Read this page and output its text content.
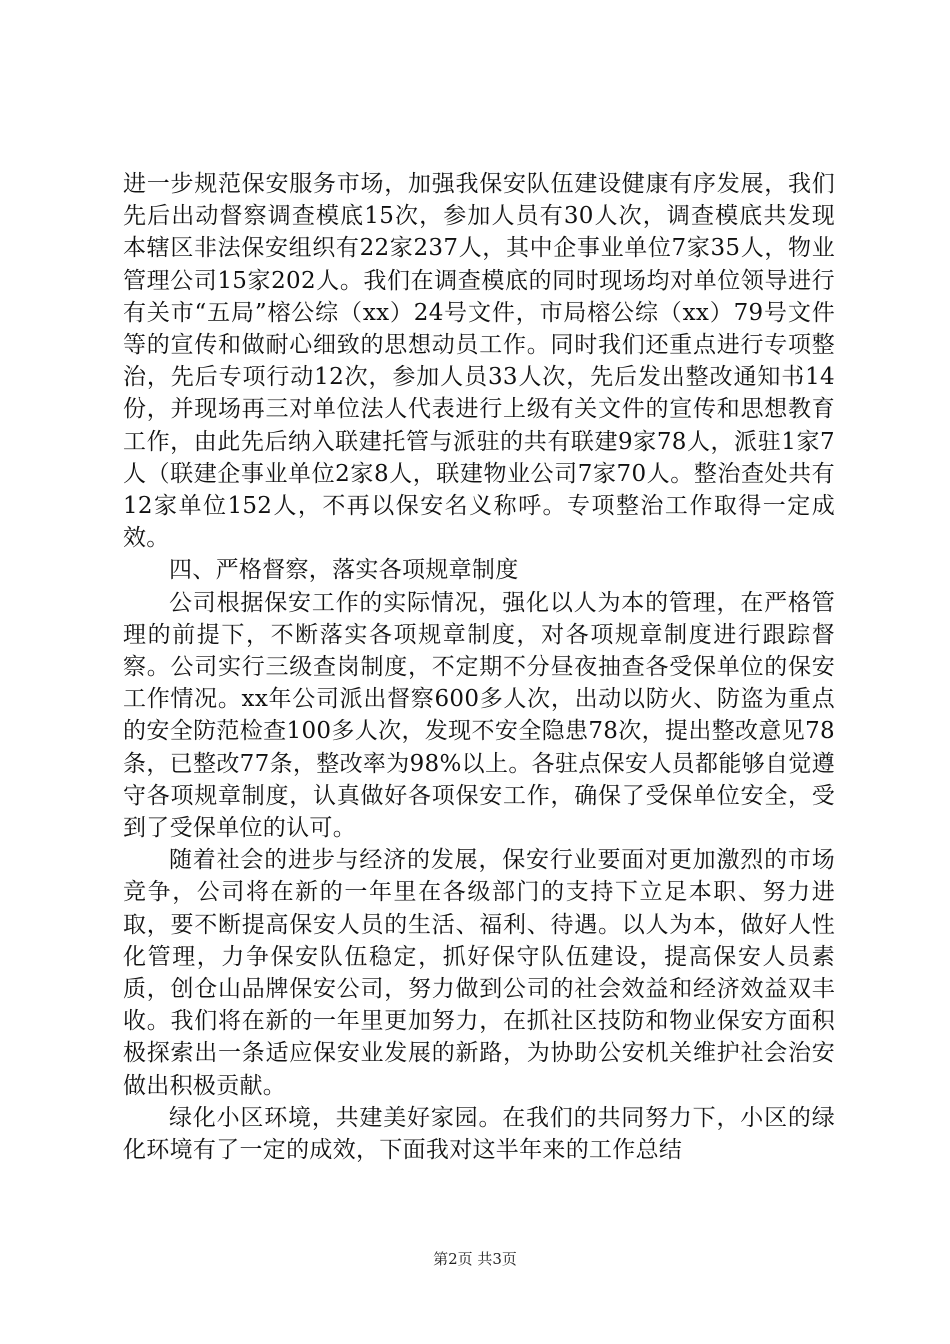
进一步规范保安服务市场，加强我保安队伍建设健康有序发展，我们先后出动督察调查模底15次，参加人员有30人次，调查模底共发现本辖区非法保安组织有22家237人，其中企事业单位7家35人，物业管理公司15家202人。我们在调查模底的同时现场均对单位领导进行有关市“五局”榕公综（xx）24号文件，市局榕公综（xx）79号文件等的宣传和做耐心细致的思想动员工作。同时我们还重点进行专项整治，先后专项行动12次，参加人员33人次，先后发出整改通知书14份，并现场再三对单位法人代表进行上级有关文件的宣传和思想教育工作，由此先后纳入联建托管与派驻的共有联建9家78人，派驻1家7人（联建企事业单位2家8人，联建物业公司7家70人。整治查处共有12家单位152人，不再以保安名义称呼。专项整治工作取得一定成效。

四、严格督察，落实各项规章制度

公司根据保安工作的实际情况，强化以人为本的管理，在严格管理的前提下，不断落实各项规章制度，对各项规章制度进行跟踪督察。公司实行三级查岗制度，不定期不分昼夜抽查各受保单位的保安工作情况。xx年公司派出督察600多人次，出动以防火、防盗为重点的安全防范检查100多人次，发现不安全隐患78次，提出整改意见78条，已整改77条，整改率为98%以上。各驻点保安人员都能够自觉遵守各项规章制度，认真做好各项保安工作，确保了受保单位安全，受到了受保单位的认可。

随着社会的进步与经济的发展，保安行业要面对更加激烈的市场竞争，公司将在新的一年里在各级部门的支持下立足本职、努力进取，要不断提高保安人员的生活、福利、待遇。以人为本，做好人性化管理，力争保安队伍稳定，抓好保守队伍建设，提高保安人员素质，创仓山品牌保安公司，努力做到公司的社会效益和经济效益双丰收。我们将在新的一年里更加努力，在抓社区技防和物业保安方面积极探索出一条适应保安业发展的新路，为协助公安机关维护社会治安做出积极贡献。

绿化小区环境，共建美好家园。在我们的共同努力下，小区的绿化环境有了一定的成效，下面我对这半年来的工作总结

第2页 共3页
